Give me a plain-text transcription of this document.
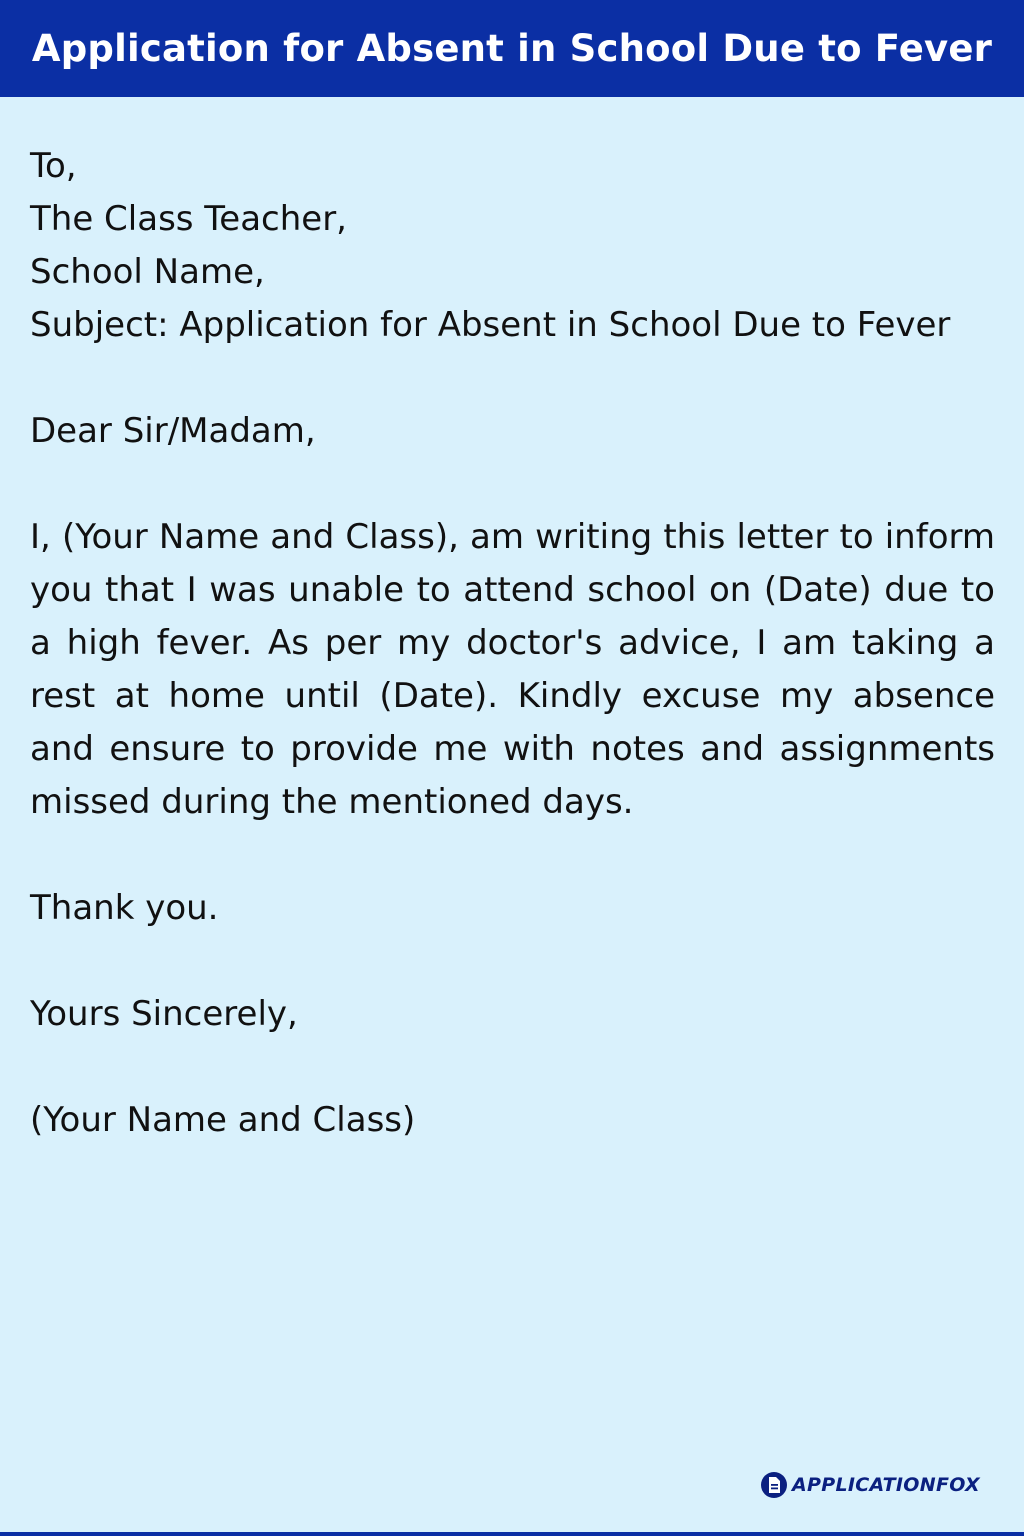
Application for Absent in School Due to Fever
To,
The Class Teacher,
School Name,
Subject: Application for Absent in School Due to Fever
Dear Sir/Madam,
I, (Your Name and Class), am writing this letter to inform you that I was unable to attend school on (Date) due to a high fever. As per my doctor's advice, I am taking a rest at home until (Date). Kindly excuse my absence and ensure to provide me with notes and assignments missed during the mentioned days.
Thank you.
Yours Sincerely,
(Your Name and Class)
APPLICATIONFOX
